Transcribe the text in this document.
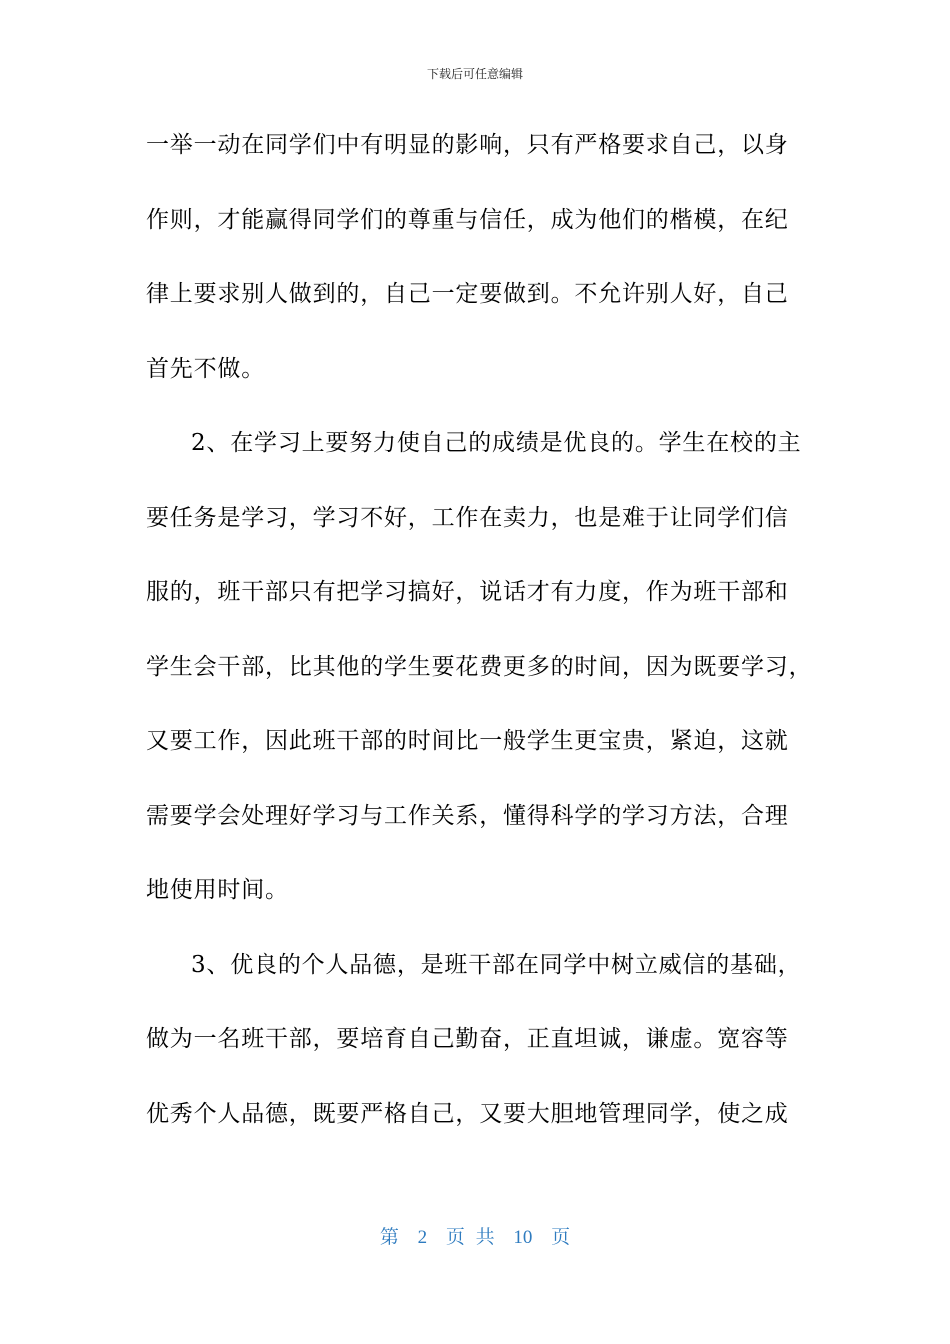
下载后可任意编辑
一举一动在同学们中有明显的影响，只有严格要求自己，以身
作则，才能赢得同学们的尊重与信任，成为他们的楷模，在纪
律上要求别人做到的，自己一定要做到。不允许别人好，自己
首先不做。
2、在学习上要努力使自己的成绩是优良的。学生在校的主
要任务是学习，学习不好，工作在卖力，也是难于让同学们信
服的，班干部只有把学习搞好，说话才有力度，作为班干部和
学生会干部，比其他的学生要花费更多的时间，因为既要学习，
又要工作，因此班干部的时间比一般学生更宝贵，紧迫，这就
需要学会处理好学习与工作关系，懂得科学的学习方法，合理
地使用时间。
3、优良的个人品德，是班干部在同学中树立威信的基础，
做为一名班干部，要培育自己勤奋，正直坦诚，谦虚。宽容等
优秀个人品德，既要严格自己，又要大胆地管理同学，使之成
第 2 页 共 10 页
